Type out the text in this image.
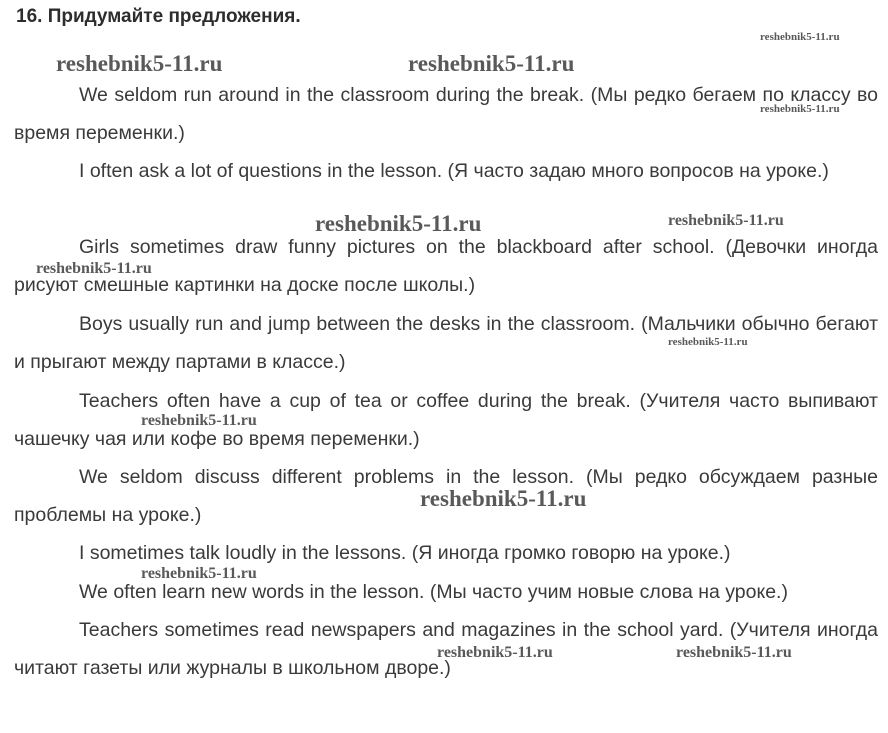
16. Придумайте предложения.

We seldom run around in the classroom during the break. (Мы редко бегаем по классу во время переменки.)

I often ask a lot of questions in the lesson. (Я часто задаю много вопросов на уроке.)

Girls sometimes draw funny pictures on the blackboard after school. (Девочки иногда рисуют смешные картинки на доске после школы.)

Boys usually run and jump between the desks in the classroom. (Мальчики обычно бегают и прыгают между партами в классе.)

Teachers often have a cup of tea or coffee during the break. (Учителя часто выпивают чашечку чая или кофе во время переменки.)

We seldom discuss different problems in the lesson. (Мы редко обсуждаем разные проблемы на уроке.)

I sometimes talk loudly in the lessons. (Я иногда громко говорю на уроке.)

We often learn new words in the lesson. (Мы часто учим новые слова на уроке.)

Teachers sometimes read newspapers and magazines in the school yard. (Учителя иногда читают газеты или журналы в школьном дворе.)

reshebnik5-11.ru
reshebnik5-11.ru	reshebnik5-11.ru
reshebnik5-11.ru
reshebnik5-11.ru	reshebnik5-11.ru
reshebnik5-11.ru
reshebnik5-11.ru
reshebnik5-11.ru
reshebnik5-11.ru
reshebnik5-11.ru
reshebnik5-11.ru	reshebnik5-11.ru
